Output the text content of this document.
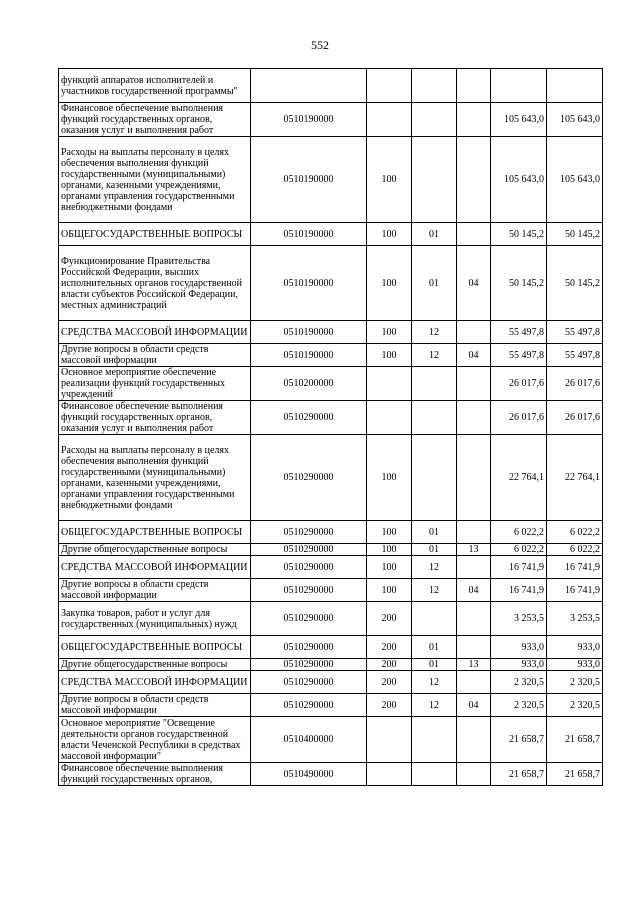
552
функций аппаратов исполнителей и участников государственной программы"						
Финансовое обеспечение выполнения функций государственных органов, оказания услуг и выполнения работ	0510190000				105 643,0	105 643,0
Расходы на выплаты персоналу в целях обеспечения выполнения функций государственными (муниципальными) органами, казенными учреждениями, органами управления государственными внебюджетными фондами	0510190000	100			105 643,0	105 643,0
ОБЩЕГОСУДАРСТВЕННЫЕ ВОПРОСЫ	0510190000	100	01		50 145,2	50 145,2
Функционирование Правительства Российской Федерации, высших исполнительных органов государственной власти субъектов Российской Федерации, местных администраций	0510190000	100	01	04	50 145,2	50 145,2
СРЕДСТВА МАССОВОЙ ИНФОРМАЦИИ	0510190000	100	12		55 497,8	55 497,8
Другие вопросы в области средств массовой информации	0510190000	100	12	04	55 497,8	55 497,8
Основное мероприятие обеспечение реализации функций государственных учреждений	0510200000				26 017,6	26 017,6
Финансовое обеспечение выполнения функций государственных органов, оказания услуг и выполнения работ	0510290000				26 017,6	26 017,6
Расходы на выплаты персоналу в целях обеспечения выполнения функций государственными (муниципальными) органами, казенными учреждениями, органами управления государственными внебюджетными фондами	0510290000	100			22 764,1	22 764,1
ОБЩЕГОСУДАРСТВЕННЫЕ ВОПРОСЫ	0510290000	100	01		6 022,2	6 022,2
Другие общегосударственные вопросы	0510290000	100	01	13	6 022,2	6 022,2
СРЕДСТВА МАССОВОЙ ИНФОРМАЦИИ	0510290000	100	12		16 741,9	16 741,9
Другие вопросы в области средств массовой информации	0510290000	100	12	04	16 741,9	16 741,9
Закупка товаров, работ и услуг для государственных (муниципальных) нужд	0510290000	200			3 253,5	3 253,5
ОБЩЕГОСУДАРСТВЕННЫЕ ВОПРОСЫ	0510290000	200	01		933,0	933,0
Другие общегосударственные вопросы	0510290000	200	01	13	933,0	933,0
СРЕДСТВА МАССОВОЙ ИНФОРМАЦИИ	0510290000	200	12		2 320,5	2 320,5
Другие вопросы в области средств массовой информации	0510290000	200	12	04	2 320,5	2 320,5
Основное мероприятие "Освещение деятельности органов государственной власти Чеченской Республики в средствах массовой информации"	0510400000				21 658,7	21 658,7
Финансовое обеспечение выполнения функций государственных органов,	0510490000				21 658,7	21 658,7
